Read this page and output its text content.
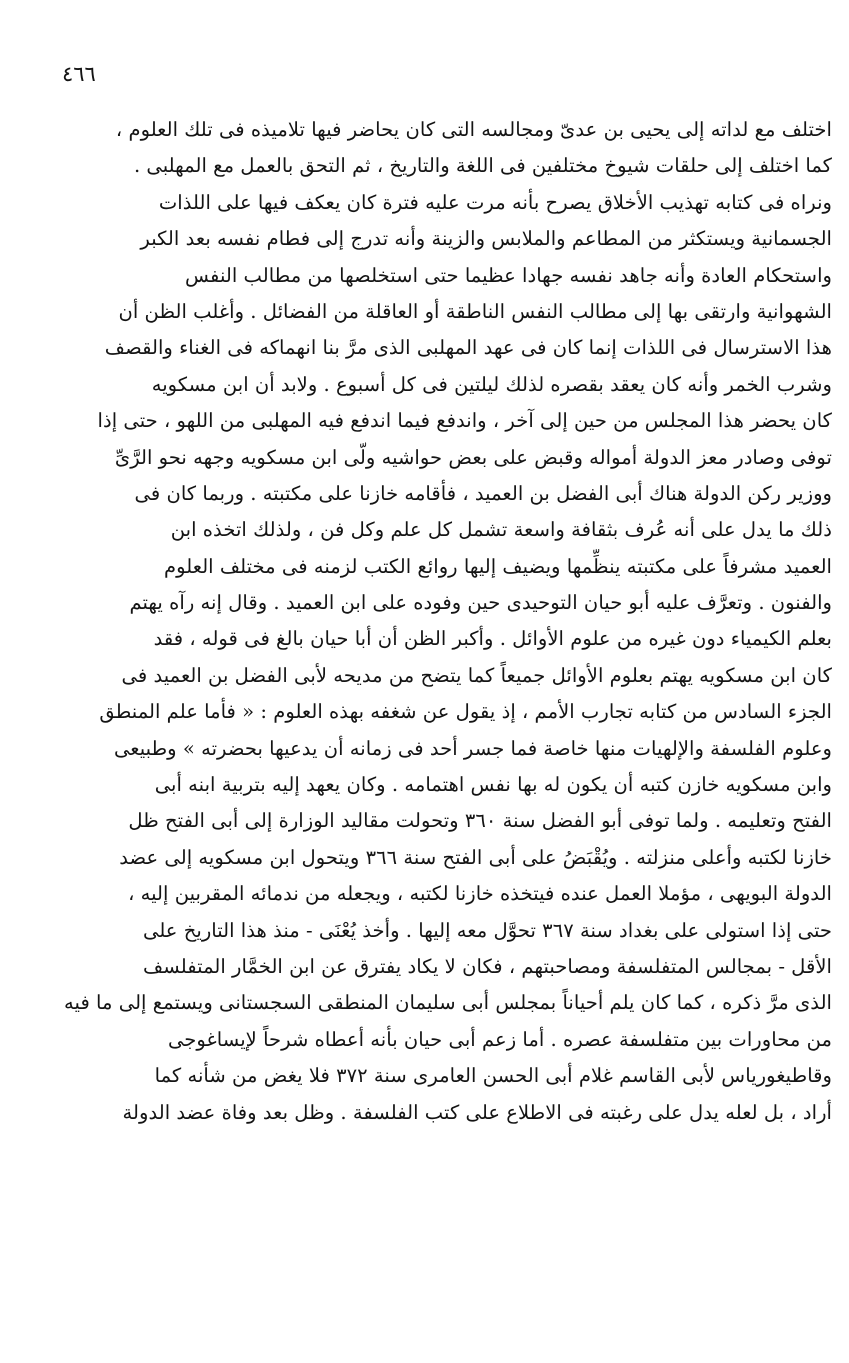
٤٦٦
اختلف مع لداته إلى يحيى بن عدىّ ومجالسه التى كان يحاضر فيها تلاميذه فى تلك العلوم ،
كما اختلف إلى حلقات شيوخ مختلفين فى اللغة والتاريخ ، ثم التحق بالعمل مع المهلبى .
ونراه فى كتابه تهذيب الأخلاق يصرح بأنه مرت عليه فترة كان يعكف فيها على اللذات
الجسمانية ويستكثر من المطاعم والملابس والزينة وأنه تدرج إلى فطام نفسه بعد الكبر
واستحكام العادة وأنه جاهد نفسه جهادا عظيما حتى استخلصها من مطالب النفس
الشهوانية وارتقى بها إلى مطالب النفس الناطقة أو العاقلة من الفضائل . وأغلب الظن أن
هذا الاسترسال فى اللذات إنما كان فى عهد المهلبى الذى مرَّ بنا انهماكه فى الغناء والقصف
وشرب الخمر وأنه كان يعقد بقصره لذلك ليلتين فى كل أسبوع . ولابد أن ابن مسكويه
كان يحضر هذا المجلس من حين إلى آخر ، واندفع فيما اندفع فيه المهلبى من اللهو ، حتى إذا
توفى وصادر معز الدولة أمواله وقبض على بعض حواشيه ولّى ابن مسكويه وجهه نحو الرَّىِّ
ووزير ركن الدولة هناك أبى الفضل بن العميد ، فأقامه خازنا على مكتبته . وربما كان فى
ذلك ما يدل على أنه عُرف بثقافة واسعة تشمل كل علم وكل فن ، ولذلك اتخذه ابن
العميد مشرفاً على مكتبته ينظِّمها ويضيف إليها روائع الكتب لزمنه فى مختلف العلوم
والفنون . وتعرَّف عليه أبو حيان التوحيدى حين وفوده على ابن العميد . وقال إنه رآه يهتم
بعلم الكيمياء دون غيره من علوم الأوائل . وأكبر الظن أن أبا حيان بالغ فى قوله ، فقد
كان ابن مسكويه يهتم بعلوم الأوائل جميعاً كما يتضح من مديحه لأبى الفضل بن العميد فى
الجزء السادس من كتابه تجارب الأمم ، إذ يقول عن شغفه بهذه العلوم : « فأما علم المنطق
وعلوم الفلسفة والإلهيات منها خاصة فما جسر أحد فى زمانه أن يدعيها بحضرته » وطبيعى
وابن مسكويه خازن كتبه أن يكون له بها نفس اهتمامه . وكان يعهد إليه بتربية ابنه أبى
الفتح وتعليمه . ولما توفى أبو الفضل سنة ٣٦٠ وتحولت مقاليد الوزارة إلى أبى الفتح ظل
خازنا لكتبه وأعلى منزلته . ويُقْبَضُ على أبى الفتح سنة ٣٦٦ ويتحول ابن مسكويه إلى عضد
الدولة البويهى ، مؤملا العمل عنده فيتخذه خازنا لكتبه ، ويجعله من ندمائه المقربين إليه ،
حتى إذا استولى على بغداد سنة ٣٦٧ تحوَّل معه إليها . وأخذ يُعْنَى - منذ هذا التاريخ على
الأقل - بمجالس المتفلسفة ومصاحبتهم ، فكان لا يكاد يفترق عن ابن الخمَّار المتفلسف
الذى مرَّ ذكره ، كما كان يلم أحياناً بمجلس أبى سليمان المنطقى السجستانى ويستمع إلى ما فيه
من محاورات بين متفلسفة عصره . أما زعم أبى حيان بأنه أعطاه شرحاً لإيساغوجى
وقاطيغورياس لأبى القاسم غلام أبى الحسن العامرى سنة ٣٧٢ فلا يغض من شأنه كما
أراد ، بل لعله يدل على رغبته فى الاطلاع على كتب الفلسفة . وظل بعد وفاة عضد الدولة
